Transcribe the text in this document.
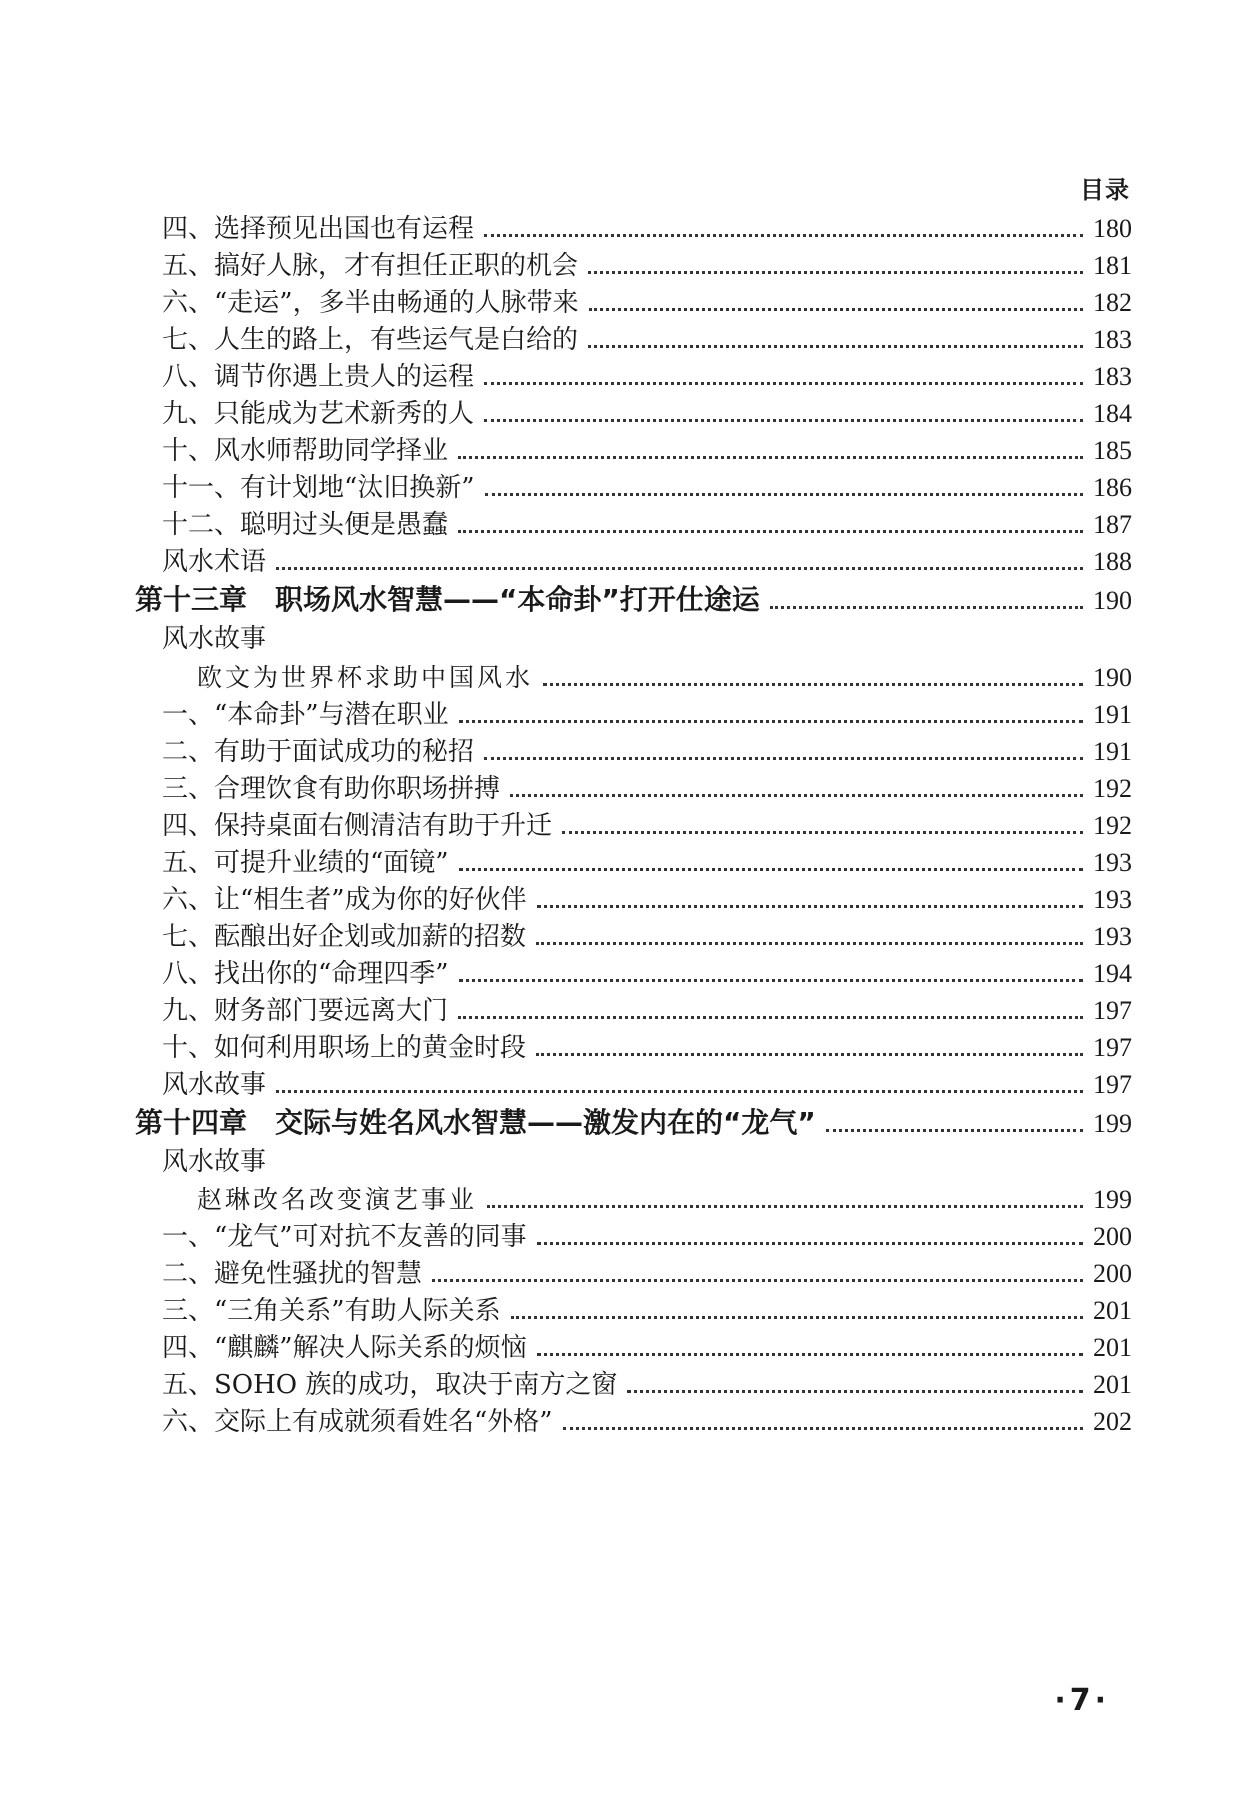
目录
四、选择预见出国也有运程	180
五、搞好人脉，才有担任正职的机会	181
六、“走运”，多半由畅通的人脉带来	182
七、人生的路上，有些运气是白给的	183
八、调节你遇上贵人的运程	183
九、只能成为艺术新秀的人	184
十、风水师帮助同学择业	185
十一、有计划地“汰旧换新”	186
十二、聪明过头便是愚蠢	187
风水术语	188
第十三章　职场风水智慧——“本命卦”打开仕途运	190
风水故事
欧文为世界杯求助中国风水	190
一、“本命卦”与潜在职业	191
二、有助于面试成功的秘招	191
三、合理饮食有助你职场拼搏	192
四、保持桌面右侧清洁有助于升迁	192
五、可提升业绩的“面镜”	193
六、让“相生者”成为你的好伙伴	193
七、酝酿出好企划或加薪的招数	193
八、找出你的“命理四季”	194
九、财务部门要远离大门	197
十、如何利用职场上的黄金时段	197
风水故事	197
第十四章　交际与姓名风水智慧——激发内在的“龙气”	199
风水故事
赵琳改名改变演艺事业	199
一、“龙气”可对抗不友善的同事	200
二、避免性骚扰的智慧	200
三、“三角关系”有助人际关系	201
四、“麒麟”解决人际关系的烦恼	201
五、SOHO 族的成功，取决于南方之窗	201
六、交际上有成就须看姓名“外格”	202
·7·
